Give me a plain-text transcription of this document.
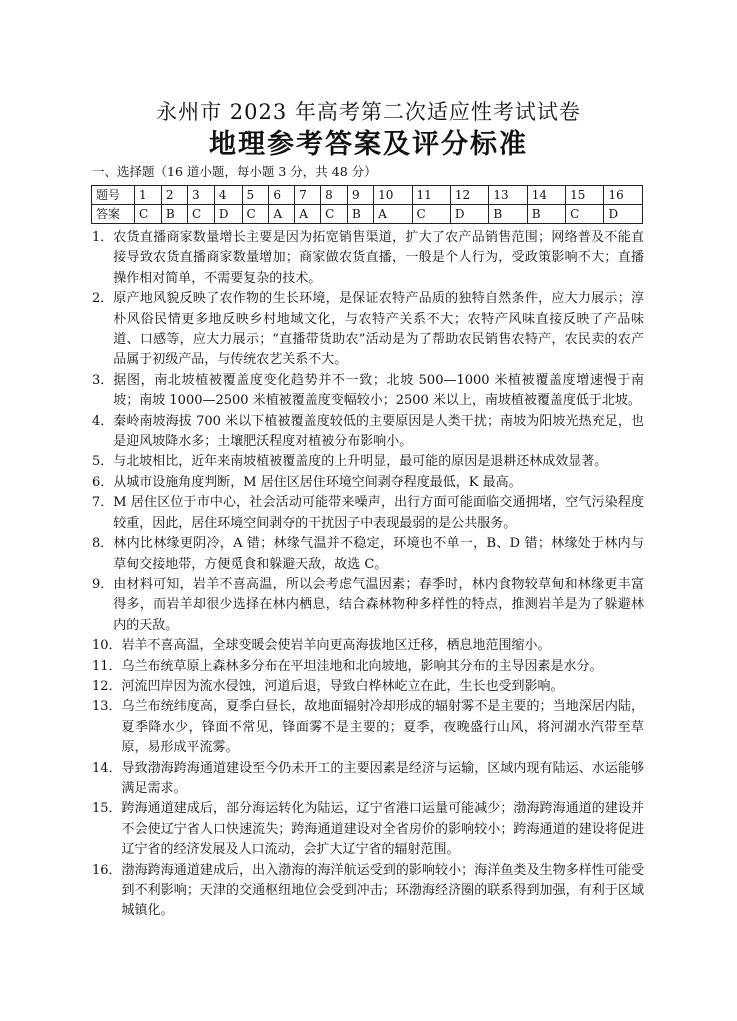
永州市 2023 年高考第二次适应性考试试卷
地理参考答案及评分标准
一、选择题（16 道小题，每小题 3 分，共 48 分）
题号	1	2	3	4	5	6	7	8	9	10	11	12	13	14	15	16
答案	C	B	C	D	C	A	A	C	B	A	C	D	B	B	C	D
1． 农货直播商家数量增长主要是因为拓宽销售渠道，扩大了农产品销售范围；网络普及不能直接导致农货直播商家数量增加；商家做农货直播，一般是个人行为，受政策影响不大；直播操作相对简单，不需要复杂的技术。
2． 原产地风貌反映了农作物的生长环境，是保证农特产品质的独特自然条件，应大力展示；淳朴风俗民情更多地反映乡村地域文化，与农特产关系不大；农特产风味直接反映了产品味道、口感等，应大力展示；“直播带货助农”活动是为了帮助农民销售农特产，农民卖的农产品属于初级产品，与传统农艺关系不大。
3． 据图，南北坡植被覆盖度变化趋势并不一致；北坡 500—1000 米植被覆盖度增速慢于南坡；南坡 1000—2500 米植被覆盖度变幅较小；2500 米以上，南坡植被覆盖度低于北坡。
4． 秦岭南坡海拔 700 米以下植被覆盖度较低的主要原因是人类干扰；南坡为阳坡光热充足，也是迎风坡降水多；土壤肥沃程度对植被分布影响小。
5． 与北坡相比，近年来南坡植被覆盖度的上升明显，最可能的原因是退耕还林成效显著。
6． 从城市设施角度判断，M 居住区居住环境空间剥夺程度最低，K 最高。
7． M 居住区位于市中心，社会活动可能带来噪声，出行方面可能面临交通拥堵，空气污染程度较重，因此，居住环境空间剥夺的干扰因子中表现最弱的是公共服务。
8． 林内比林缘更阴冷，A 错；林缘气温并不稳定，环境也不单一，B、D 错；林缘处于林内与草甸交接地带，方便觅食和躲避天敌，故选 C。
9． 由材料可知，岩羊不喜高温，所以会考虑气温因素；春季时，林内食物较草甸和林缘更丰富得多，而岩羊却很少选择在林内栖息，结合森林物种多样性的特点，推测岩羊是为了躲避林内的天敌。
10． 岩羊不喜高温，全球变暖会使岩羊向更高海拔地区迁移，栖息地范围缩小。
11． 乌兰布统草原上森林多分布在平坦洼地和北向坡地，影响其分布的主导因素是水分。
12． 河流凹岸因为流水侵蚀，河道后退，导致白桦林屹立在此，生长也受到影响。
13． 乌兰布统纬度高，夏季白昼长，故地面辐射冷却形成的辐射雾不是主要的；当地深居内陆，夏季降水少，锋面不常见，锋面雾不是主要的；夏季，夜晚盛行山风，将河湖水汽带至草原，易形成平流雾。
14． 导致渤海跨海通道建设至今仍未开工的主要因素是经济与运输，区域内现有陆运、水运能够满足需求。
15． 跨海通道建成后，部分海运转化为陆运，辽宁省港口运量可能减少；渤海跨海通道的建设并不会使辽宁省人口快速流失；跨海通道建设对全省房价的影响较小；跨海通道的建设将促进辽宁省的经济发展及人口流动，会扩大辽宁省的辐射范围。
16． 渤海跨海通道建成后，出入渤海的海洋航运受到的影响较小；海洋鱼类及生物多样性可能受到不利影响；天津的交通枢纽地位会受到冲击；环渤海经济圈的联系得到加强，有利于区域城镇化。
